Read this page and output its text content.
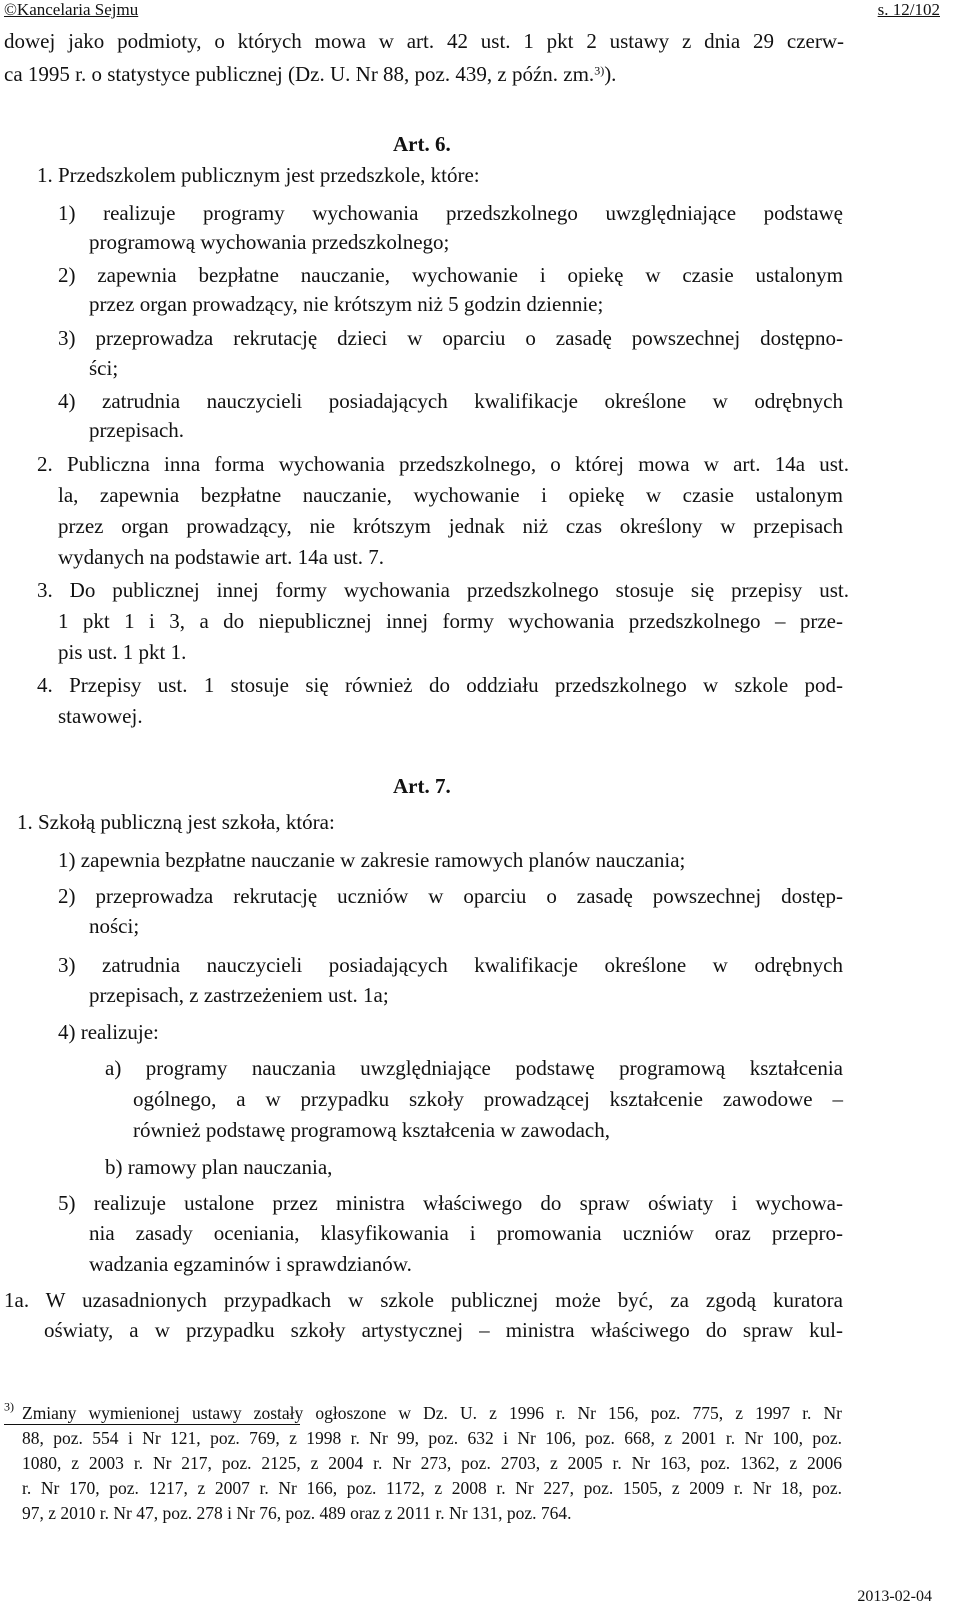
©Kancelaria Sejmu	s. 12/102
dowej jako podmioty, o których mowa w art. 42 ust. 1 pkt 2 ustawy z dnia 29 czerw-
ca 1995 r. o statystyce publicznej (Dz. U. Nr 88, poz. 439, z późn. zm.$^{3)}$).
Art. 6.
1. Przedszkolem publicznym jest przedszkole, które:
1) realizuje programy wychowania przedszkolnego uwzględniające podstawę
programową wychowania przedszkolnego;
2) zapewnia bezpłatne nauczanie, wychowanie i opiekę w czasie ustalonym
przez organ prowadzący, nie krótszym niż 5 godzin dziennie;
3) przeprowadza rekrutację dzieci w oparciu o zasadę powszechnej dostępno-
ści;
4) zatrudnia nauczycieli posiadających kwalifikacje określone w odrębnych
przepisach.
2. Publiczna inna forma wychowania przedszkolnego, o której mowa w art. 14a ust.
la, zapewnia bezpłatne nauczanie, wychowanie i opiekę w czasie ustalonym
przez organ prowadzący, nie krótszym jednak niż czas określony w przepisach
wydanych na podstawie art. 14a ust. 7.
3. Do publicznej innej formy wychowania przedszkolnego stosuje się przepisy ust.
1 pkt 1 i 3, a do niepublicznej innej formy wychowania przedszkolnego – prze-
pis ust. 1 pkt 1.
4. Przepisy ust. 1 stosuje się również do oddziału przedszkolnego w szkole pod-
stawowej.
Art. 7.
1. Szkołą publiczną jest szkoła, która:
1) zapewnia bezpłatne nauczanie w zakresie ramowych planów nauczania;
2) przeprowadza rekrutację uczniów w oparciu o zasadę powszechnej dostęp-
ności;
3) zatrudnia nauczycieli posiadających kwalifikacje określone w odrębnych
przepisach, z zastrzeżeniem ust. 1a;
4) realizuje:
a) programy nauczania uwzględniające podstawę programową kształcenia
ogólnego, a w przypadku szkoły prowadzącej kształcenie zawodowe –
również podstawę programową kształcenia w zawodach,
b) ramowy plan nauczania,
5) realizuje ustalone przez ministra właściwego do spraw oświaty i wychowa-
nia zasady oceniania, klasyfikowania i promowania uczniów oraz przepro-
wadzania egzaminów i sprawdzianów.
1a. W uzasadnionych przypadkach w szkole publicznej może być, za zgodą kuratora
oświaty, a w przypadku szkoły artystycznej – ministra właściwego do spraw kul-
$^{3)}$ Zmiany wymienionej ustawy zostały ogłoszone w Dz. U. z 1996 r. Nr 156, poz. 775, z 1997 r. Nr
88, poz. 554 i Nr 121, poz. 769, z 1998 r. Nr 99, poz. 632 i Nr 106, poz. 668, z 2001 r. Nr 100, poz.
1080, z 2003 r. Nr 217, poz. 2125, z 2004 r. Nr 273, poz. 2703, z 2005 r. Nr 163, poz. 1362, z 2006
r. Nr 170, poz. 1217, z 2007 r. Nr 166, poz. 1172, z 2008 r. Nr 227, poz. 1505, z 2009 r. Nr 18, poz.
97, z 2010 r. Nr 47, poz. 278 i Nr 76, poz. 489 oraz z 2011 r. Nr 131, poz. 764.
2013-02-04
